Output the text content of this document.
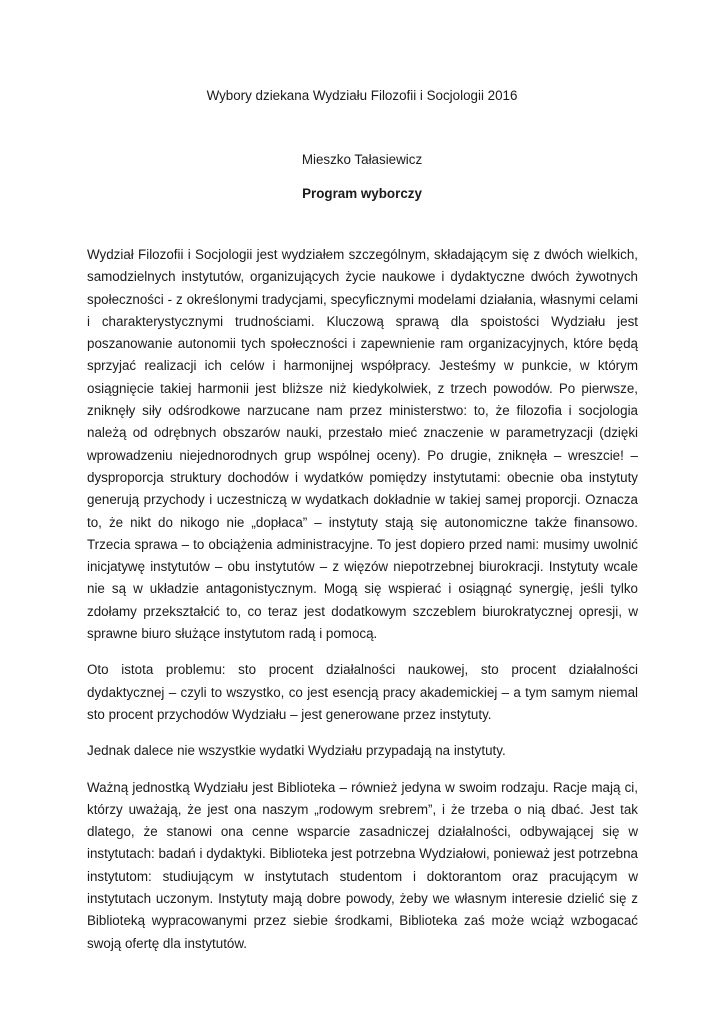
Wybory dziekana Wydziału Filozofii i Socjologii 2016
Mieszko Tałasiewicz
Program wyborczy

Wydział Filozofii i Socjologii jest wydziałem szczególnym, składającym się z dwóch wielkich, samodzielnych instytutów, organizujących życie naukowe i dydaktyczne dwóch żywotnych społeczności - z określonymi tradycjami, specyficznymi modelami działania, własnymi celami i charakterystycznymi trudnościami. Kluczową sprawą dla spoistości Wydziału jest poszanowanie autonomii tych społeczności i zapewnienie ram organizacyjnych, które będą sprzyjać realizacji ich celów i harmonijnej współpracy. Jesteśmy w punkcie, w którym osiągnięcie takiej harmonii jest bliższe niż kiedykolwiek, z trzech powodów. Po pierwsze, zniknęły siły odśrodkowe narzucane nam przez ministerstwo: to, że filozofia i socjologia należą od odrębnych obszarów nauki, przestało mieć znaczenie w parametryzacji (dzięki wprowadzeniu niejednorodnych grup wspólnej oceny). Po drugie, zniknęła – wreszcie! – dysproporcja struktury dochodów i wydatków pomiędzy instytutami: obecnie oba instytuty generują przychody i uczestniczą w wydatkach dokładnie w takiej samej proporcji. Oznacza to, że nikt do nikogo nie „dopłaca” – instytuty stają się autonomiczne także finansowo. Trzecia sprawa – to obciążenia administracyjne. To jest dopiero przed nami: musimy uwolnić inicjatywę instytutów – obu instytutów – z więzów niepotrzebnej biurokracji. Instytuty wcale nie są w układzie antagonistycznym. Mogą się wspierać i osiągnąć synergię, jeśli tylko zdołamy przekształcić to, co teraz jest dodatkowym szczeblem biurokratycznej opresji, w sprawne biuro służące instytutom radą i pomocą.

Oto istota problemu: sto procent działalności naukowej, sto procent działalności dydaktycznej – czyli to wszystko, co jest esencją pracy akademickiej – a tym samym niemal sto procent przychodów Wydziału – jest generowane przez instytuty.

Jednak dalece nie wszystkie wydatki Wydziału przypadają na instytuty.

Ważną jednostką Wydziału jest Biblioteka – również jedyna w swoim rodzaju. Racje mają ci, którzy uważają, że jest ona naszym „rodowym srebrem”, i że trzeba o nią dbać. Jest tak dlatego, że stanowi ona cenne wsparcie zasadniczej działalności, odbywającej się w instytutach: badań i dydaktyki. Biblioteka jest potrzebna Wydziałowi, ponieważ jest potrzebna instytutom: studiującym w instytutach studentom i doktorantom oraz pracującym w instytutach uczonym. Instytuty mają dobre powody, żeby we własnym interesie dzielić się z Biblioteką wypracowanymi przez siebie środkami, Biblioteka zaś może wciąż wzbogacać swoją ofertę dla instytutów.
